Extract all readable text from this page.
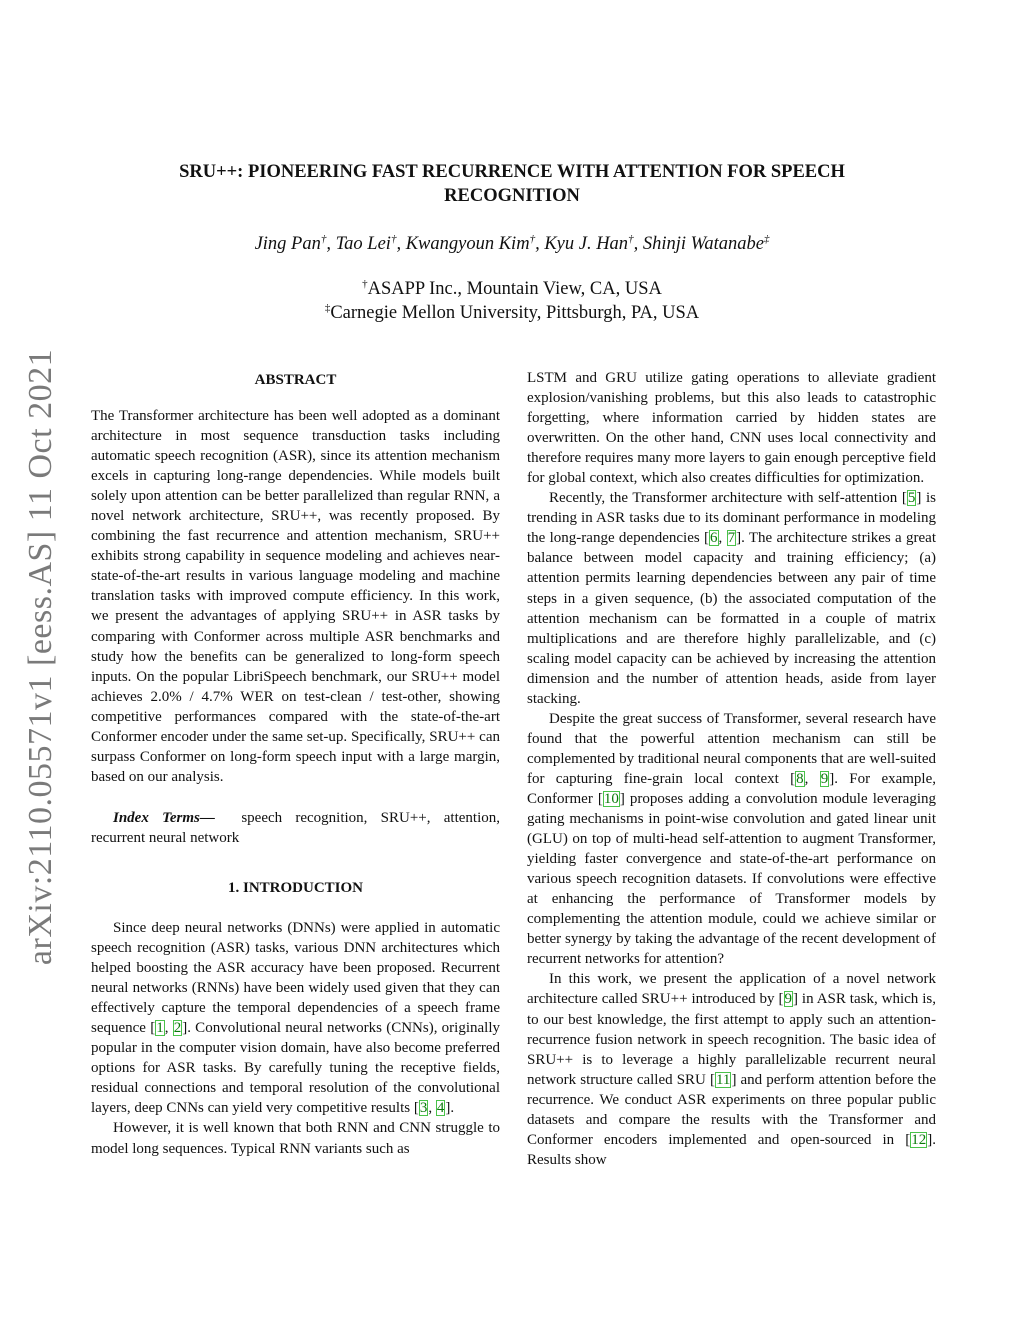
arXiv:2110.05571v1 [eess.AS] 11 Oct 2021
SRU++: PIONEERING FAST RECURRENCE WITH ATTENTION FOR SPEECH RECOGNITION
Jing Pan†, Tao Lei†, Kwangyoun Kim†, Kyu J. Han†, Shinji Watanabe‡
†ASAPP Inc., Mountain View, CA, USA
‡Carnegie Mellon University, Pittsburgh, PA, USA
ABSTRACT

The Transformer architecture has been well adopted as a dominant architecture in most sequence transduction tasks including automatic speech recognition (ASR), since its attention mechanism excels in capturing long-range dependencies. While models built solely upon attention can be better parallelized than regular RNN, a novel network architecture, SRU++, was recently proposed. By combining the fast recurrence and attention mechanism, SRU++ exhibits strong capability in sequence modeling and achieves near-state-of-the-art results in various language modeling and machine translation tasks with improved compute efficiency. In this work, we present the advantages of applying SRU++ in ASR tasks by comparing with Conformer across multiple ASR benchmarks and study how the benefits can be generalized to long-form speech inputs. On the popular LibriSpeech benchmark, our SRU++ model achieves 2.0% / 4.7% WER on test-clean / test-other, showing competitive performances compared with the state-of-the-art Conformer encoder under the same set-up. Specifically, SRU++ can surpass Conformer on long-form speech input with a large margin, based on our analysis.

Index Terms— speech recognition, SRU++, attention, recurrent neural network

1. INTRODUCTION

Since deep neural networks (DNNs) were applied in automatic speech recognition (ASR) tasks, various DNN architectures which helped boosting the ASR accuracy have been proposed. Recurrent neural networks (RNNs) have been widely used given that they can effectively capture the temporal dependencies of a speech frame sequence [1, 2]. Convolutional neural networks (CNNs), originally popular in the computer vision domain, have also become preferred options for ASR tasks. By carefully tuning the receptive fields, residual connections and temporal resolution of the convolutional layers, deep CNNs can yield very competitive results [3, 4].

However, it is well known that both RNN and CNN struggle to model long sequences. Typical RNN variants such as

LSTM and GRU utilize gating operations to alleviate gradient explosion/vanishing problems, but this also leads to catastrophic forgetting, where information carried by hidden states are overwritten. On the other hand, CNN uses local connectivity and therefore requires many more layers to gain enough perceptive field for global context, which also creates difficulties for optimization.

Recently, the Transformer architecture with self-attention [5] is trending in ASR tasks due to its dominant performance in modeling the long-range dependencies [6, 7]. The architecture strikes a great balance between model capacity and training efficiency; (a) attention permits learning dependencies between any pair of time steps in a given sequence, (b) the associated computation of the attention mechanism can be formatted in a couple of matrix multiplications and are therefore highly parallelizable, and (c) scaling model capacity can be achieved by increasing the attention dimension and the number of attention heads, aside from layer stacking.

Despite the great success of Transformer, several research have found that the powerful attention mechanism can still be complemented by traditional neural components that are well-suited for capturing fine-grain local context [8, 9]. For example, Conformer [10] proposes adding a convolution module leveraging gating mechanisms in point-wise convolution and gated linear unit (GLU) on top of multi-head self-attention to augment Transformer, yielding faster convergence and state-of-the-art performance on various speech recognition datasets. If convolutions were effective at enhancing the performance of Transformer models by complementing the attention module, could we achieve similar or better synergy by taking the advantage of the recent development of recurrent networks for attention?

In this work, we present the application of a novel network architecture called SRU++ introduced by [9] in ASR task, which is, to our best knowledge, the first attempt to apply such an attention-recurrence fusion network in speech recognition. The basic idea of SRU++ is to leverage a highly parallelizable recurrent neural network structure called SRU [11] and perform attention before the recurrence. We conduct ASR experiments on three popular public datasets and compare the results with the Transformer and Conformer encoders implemented and open-sourced in [12]. Results show
